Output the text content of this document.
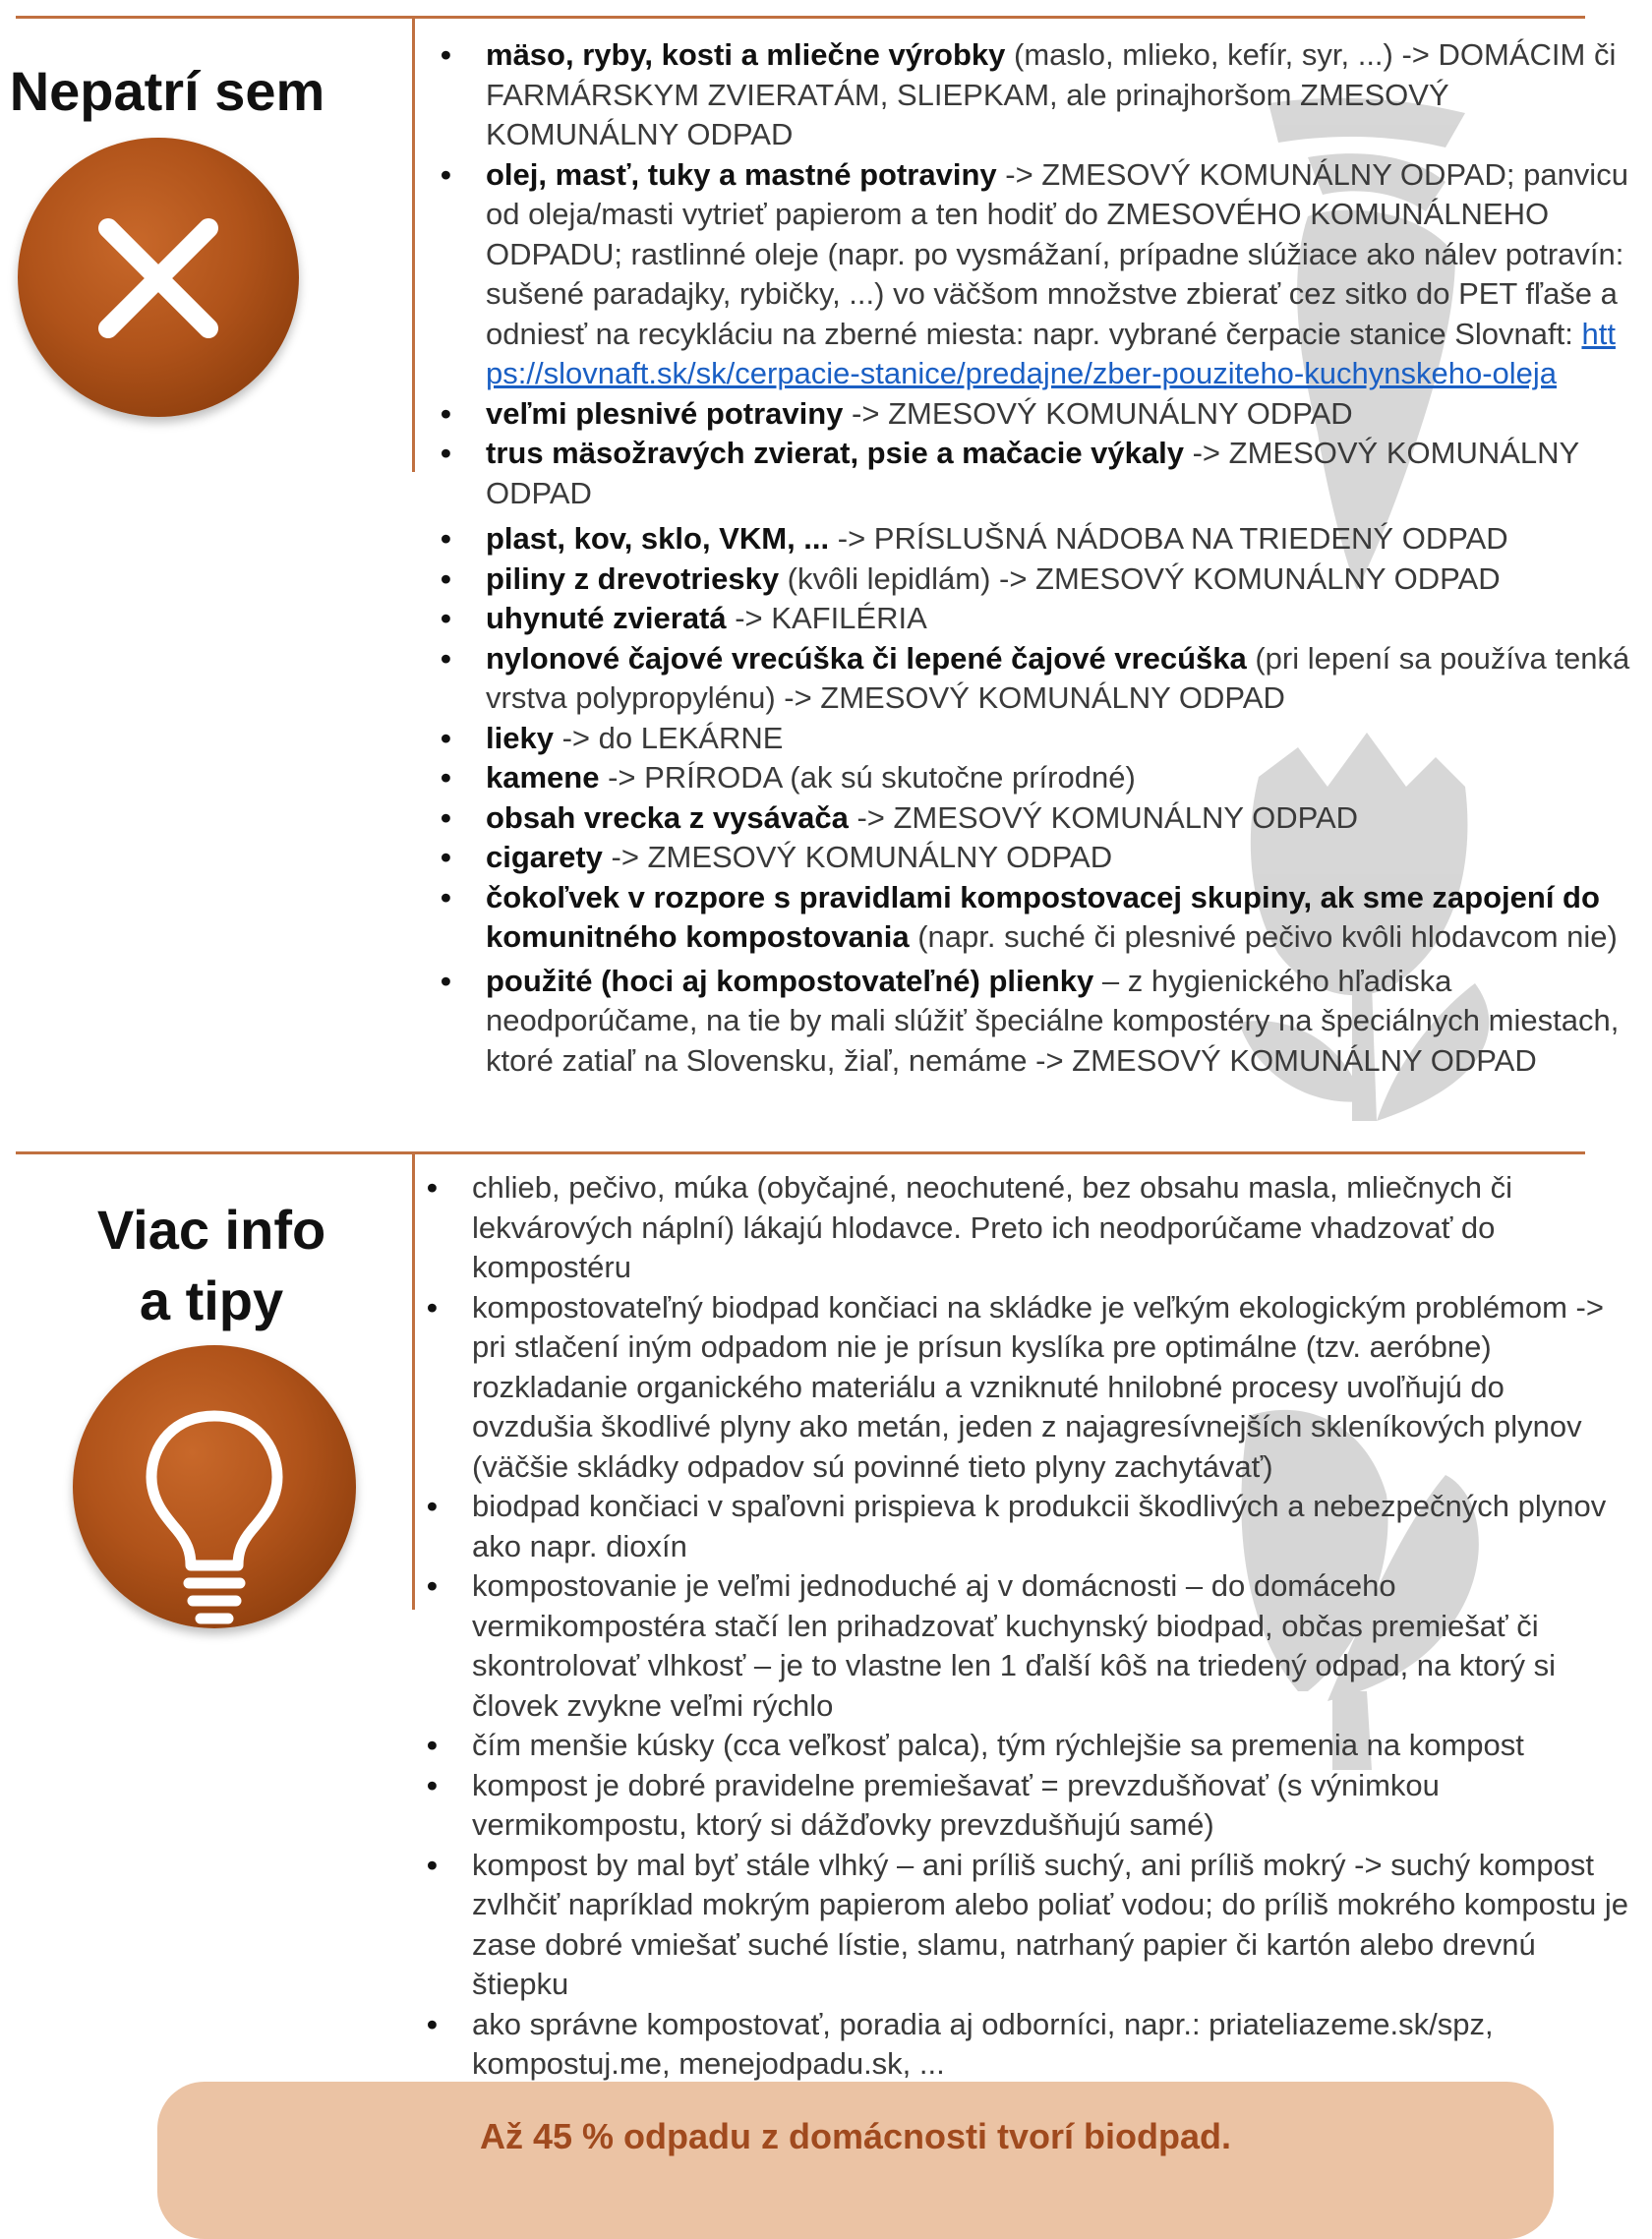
Nepatrí sem
• mäso, ryby, kosti a mliečne výrobky (maslo, mlieko, kefír, syr, ...) -> DOMÁCIM či FARMÁRSKYM ZVIERATÁM, SLIEPKAM, ale prinajhoršom ZMESOVÝ KOMUNÁLNY ODPAD
• olej, masť, tuky a mastné potraviny -> ZMESOVÝ KOMUNÁLNY ODPAD; panvicu od oleja/masti vytrieť papierom a ten hodiť do ZMESOVÉHO KOMUNÁLNEHO ODPADU; rastlinné oleje (napr. po vysmážaní, prípadne slúžiace ako nálev potravín: sušené paradajky, rybičky, ...) vo väčšom množstve zbierať cez sitko do PET fľaše a odniesť na recykláciu na zberné miesta: napr. vybrané čerpacie stanice Slovnaft: https://slovnaft.sk/sk/cerpacie-stanice/predajne/zber-pouziteho-kuchynskeho-oleja
• veľmi plesnivé potraviny -> ZMESOVÝ KOMUNÁLNY ODPAD
• trus mäsožravých zvierat, psie a mačacie výkaly -> ZMESOVÝ KOMUNÁLNY ODPAD
• plast, kov, sklo, VKM, ... -> PRÍSLUŠNÁ NÁDOBA NA TRIEDENÝ ODPAD
• piliny z drevotriesky (kvôli lepidlám) -> ZMESOVÝ KOMUNÁLNY ODPAD
• uhynuté zvieratá -> KAFILÉRIA
• nylonové čajové vrecúška či lepené čajové vrecúška (pri lepení sa používa tenká vrstva polypropylénu) -> ZMESOVÝ KOMUNÁLNY ODPAD
• lieky -> do LEKÁRNE
• kamene -> PRÍRODA (ak sú skutočne prírodné)
• obsah vrecka z vysávača -> ZMESOVÝ KOMUNÁLNY ODPAD
• cigarety -> ZMESOVÝ KOMUNÁLNY ODPAD
• čokoľvek v rozpore s pravidlami kompostovacej skupiny, ak sme zapojení do komunitného kompostovania (napr. suché či plesnivé pečivo kvôli hlodavcom nie)
• použité (hoci aj kompostovateľné) plienky – z hygienického hľadiska neodporúčame, na tie by mali slúžiť špeciálne kompostéry na špeciálnych miestach, ktoré zatiaľ na Slovensku, žiaľ, nemáme -> ZMESOVÝ KOMUNÁLNY ODPAD
Viac info
a tipy
• chlieb, pečivo, múka (obyčajné, neochutené, bez obsahu masla, mliečnych či lekvárových náplní) lákajú hlodavce. Preto ich neodporúčame vhadzovať do kompostéru
• kompostovateľný biodpad končiaci na skládke je veľkým ekologickým problémom -> pri stlačení iným odpadom nie je prísun kyslíka pre optimálne (tzv. aeróbne) rozkladanie organického materiálu a vzniknuté hnilobné procesy uvoľňujú do ovzdušia škodlivé plyny ako metán, jeden z najagresívnejších skleníkových plynov (väčšie skládky odpadov sú povinné tieto plyny zachytávať)
• biodpad končiaci v spaľovni prispieva k produkcii škodlivých a nebezpečných plynov ako napr. dioxín
• kompostovanie je veľmi jednoduché aj v domácnosti – do domáceho vermikompostéra stačí len prihadzovať kuchynský biodpad, občas premiešať či skontrolovať vlhkosť – je to vlastne len 1 ďalší kôš na triedený odpad, na ktorý si človek zvykne veľmi rýchlo
• čím menšie kúsky (cca veľkosť palca), tým rýchlejšie sa premenia na kompost
• kompost je dobré pravidelne premiešavať = prevzdušňovať (s výnimkou vermikompostu, ktorý si dážďovky prevzdušňujú samé)
• kompost by mal byť stále vlhký – ani príliš suchý, ani príliš mokrý -> suchý kompost zvlhčiť napríklad mokrým papierom alebo poliať vodou; do príliš mokrého kompostu je zase dobré vmiešať suché lístie, slamu, natrhaný papier či kartón alebo drevnú štiepku
• ako správne kompostovať, poradia aj odborníci, napr.: priateliazeme.sk/spz, kompostuj.me, menejodpadu.sk, ...
Až 45 % odpadu z domácnosti tvorí biodpad.
